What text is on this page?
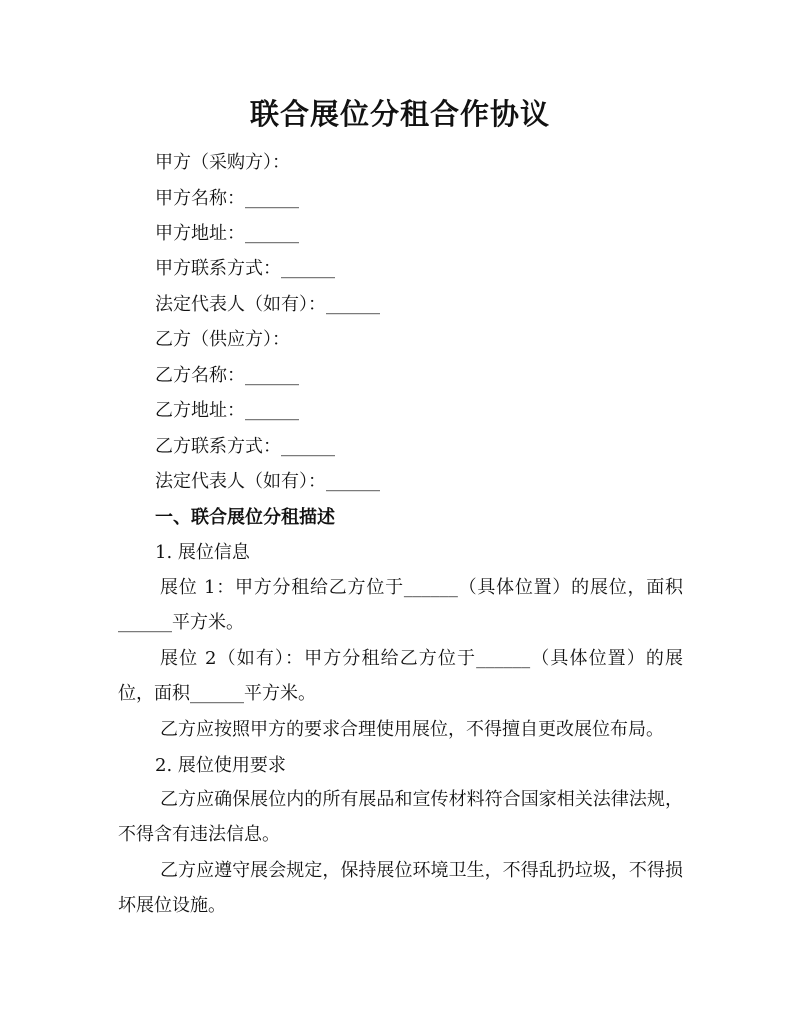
联合展位分租合作协议
甲方（采购方）：
甲方名称：______
甲方地址：______
甲方联系方式：______
法定代表人（如有）：______
乙方（供应方）：
乙方名称：______
乙方地址：______
乙方联系方式：______
法定代表人（如有）：______
一、联合展位分租描述
1. 展位信息
展位 1：甲方分租给乙方位于______（具体位置）的展位，面积______平方米。
展位 2（如有）：甲方分租给乙方位于______（具体位置）的展位，面积______平方米。
乙方应按照甲方的要求合理使用展位，不得擅自更改展位布局。
2. 展位使用要求
乙方应确保展位内的所有展品和宣传材料符合国家相关法律法规，不得含有违法信息。
乙方应遵守展会规定，保持展位环境卫生，不得乱扔垃圾，不得损坏展位设施。
